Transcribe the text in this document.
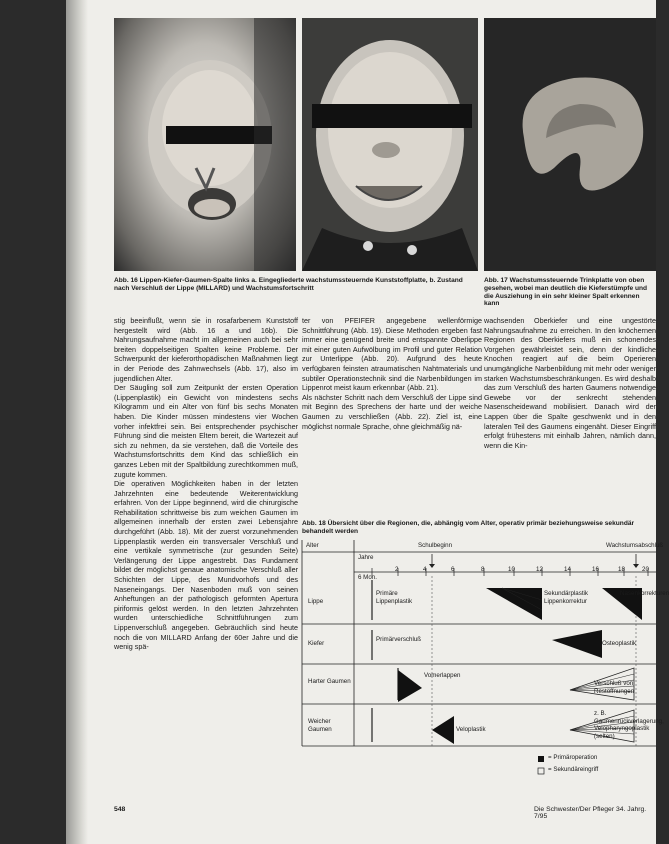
Abb. 16 Lippen-Kiefer-Gaumen-Spalte links a. Eingegliederte wachstumssteuernde Kunststoffplatte, b. Zustand nach Verschluß der Lippe (MILLARD) und Wachstumsfortschritt
Abb. 17 Wachstumssteuernde Trinkplatte von oben gesehen, wobei man deutlich die Kieferstümpfe und die Ausziehung in ein sehr kleiner Spalt erkennen kann

stig beeinflußt, wenn sie in rosafarbenem Kunststoff hergestellt wird (Abb. 16 a und 16b). Die Nahrungsaufnahme macht im allgemeinen auch bei sehr breiten doppelseitigen Spalten keine Probleme. Der Schwerpunkt der kieferorthopädischen Maßnahmen liegt in der Periode des Zahnwechsels (Abb. 17), also im jugendlichen Alter.

Der Säugling soll zum Zeitpunkt der ersten Operation (Lippenplastik) ein Gewicht von mindestens sechs Kilogramm und ein Alter von fünf bis sechs Monaten haben. Die Kinder müssen mindestens vier Wochen vorher infektfrei sein. Bei entsprechender psychischer Führung sind die meisten Eltern bereit, die Wartezeit auf sich zu nehmen, da sie verstehen, daß die Vorteile des Wachstumsfortschritts dem Kind das schließlich ein ganzes Leben mit der Spaltbildung zurechtkommen muß, zugute kommen.

Die operativen Möglichkeiten haben in der letzten Jahrzehnten eine bedeutende Weiterentwicklung erfahren. Von der Lippe beginnend, wird die chirurgische Rehabilitation schrittweise bis zum weichen Gaumen im allgemeinen innerhalb der ersten zwei Lebensjahre durchgeführt (Abb. 18). Mit der zuerst vorzunehmenden Lippenplastik werden ein transversaler Verschluß und eine vertikale symmetrische (zur gesunden Seite) Verlängerung der Lippe angestrebt. Das Fundament bildet der möglichst genaue anatomische Verschluß aller Schichten der Lippe, des Mundvorhofs und des Naseneingangs. Der Nasenboden muß von seinen Anheftungen an der pathologisch geformten Apertura piriformis gelöst werden. In den letzten Jahrzehnten wurden unterschiedliche Schnittführungen zum Lippenverschluß angegeben. Gebräuchlich sind heute noch die von MILLARD Anfang der 60er Jahre und die wenig spä-

ter von PFEIFER angegebene wellenförmige Schnittführung (Abb. 19). Diese Methoden ergeben fast immer eine genügend breite und entspannte Oberlippe mit einer guten Aufwölbung im Profil und guter Relation zur Unterlippe (Abb. 20). Aufgrund des heute verfügbaren feinsten atraumatischen Nahtmaterials und subtiler Operationstechnik sind die Narbenbildungen im Lippenrot meist kaum erkennbar (Abb. 21).

Als nächster Schritt nach dem Verschluß der Lippe sind mit Beginn des Sprechens der harte und der weiche Gaumen zu verschließen (Abb. 22). Ziel ist, eine möglichst normale Sprache, ohne gleichmäßig nä-

wachsenden Oberkiefer und eine ungestörte Nahrungsaufnahme zu erreichen. In den knöchernen Regionen des Oberkiefers muß ein schonendes Vorgehen gewährleistet sein, denn der kindliche Knochen reagiert auf die beim Operieren unumgängliche Narbenbildung mit mehr oder weniger starken Wachstumsbeschränkungen. Es wird deshalb das zum Verschluß des harten Gaumens notwendige Gewebe vor der senkrecht stehenden Nasenscheidewand mobilisiert. Danach wird der Lappen über die Spalte geschwenkt und in den lateralen Teil des Gaumens eingenäht. Dieser Eingriff erfolgt frühestens mit einhalb Jahren, nämlich dann, wenn die Kin-

Abb. 18 Übersicht über die Regionen, die, abhängig vom Alter, operativ primär beziehungsweise sekundär behandelt werden
Alter
Jahre
Schulbeginn	Wachstumsabschluß
6 Mon.
2	4	6	8	10	12	14	16	18	20
Lippe
Kiefer
Harter Gaumen
Weicher Gaumen
Primäre Lippenplastik
Sekundärplastik Lippenkorrektur
Nasenkorrekturen
Primärverschluß
Osteoplastik
Vomerlappen
Verschluß von Restöffnungen
Veloplastik
z. B. Gaumenrückverlagerung, Velopharyngoplastik (selten)
= Primäroperation
= Sekundäreingriff
548	Die Schwester/Der Pfleger 34. Jahrg. 7/95
